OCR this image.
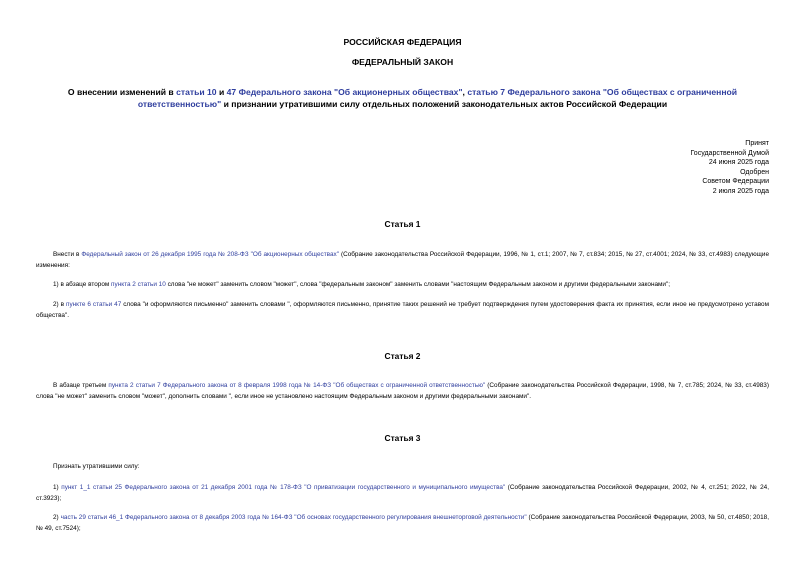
РОССИЙСКАЯ ФЕДЕРАЦИЯ
ФЕДЕРАЛЬНЫЙ ЗАКОН
О внесении изменений в статьи 10 и 47 Федерального закона "Об акционерных обществах", статью 7 Федерального закона "Об обществах с ограниченной ответственностью" и признании утратившими силу отдельных положений законодательных актов Российской Федерации
Принят
Государственной Думой
24 июня 2025 года
Одобрен
Советом Федерации
2 июля 2025 года
Статья 1
Внести в Федеральный закон от 26 декабря 1995 года № 208-ФЗ "Об акционерных обществах" (Собрание законодательства Российской Федерации, 1996, № 1, ст.1; 2007, № 7, ст.834; 2015, № 27, ст.4001; 2024, № 33, ст.4983) следующие изменения:
1) в абзаце втором пункта 2 статьи 10 слова "не может" заменить словом "может", слова "федеральным законом" заменить словами "настоящим Федеральным законом и другими федеральными законами";
2) в пункте 6 статьи 47 слова "и оформляются письменно" заменить словами ", оформляются письменно, принятие таких решений не требует подтверждения путем удостоверения факта их принятия, если иное не предусмотрено уставом общества".
Статья 2
В абзаце третьем пункта 2 статьи 7 Федерального закона от 8 февраля 1998 года № 14-ФЗ "Об обществах с ограниченной ответственностью" (Собрание законодательства Российской Федерации, 1998, № 7, ст.785; 2024, № 33, ст.4983) слова "не может" заменить словом "может", дополнить словами ", если иное не установлено настоящим Федеральным законом и другими федеральными законами".
Статья 3
Признать утратившими силу:
1) пункт 1_1 статьи 25 Федерального закона от 21 декабря 2001 года № 178-ФЗ "О приватизации государственного и муниципального имущества" (Собрание законодательства Российской Федерации, 2002, № 4, ст.251; 2022, № 24, ст.3923);
2) часть 29 статьи 46_1 Федерального закона от 8 декабря 2003 года № 164-ФЗ "Об основах государственного регулирования внешнеторговой деятельности" (Собрание законодательства Российской Федерации, 2003, № 50, ст.4850; 2018, № 49, ст.7524);
